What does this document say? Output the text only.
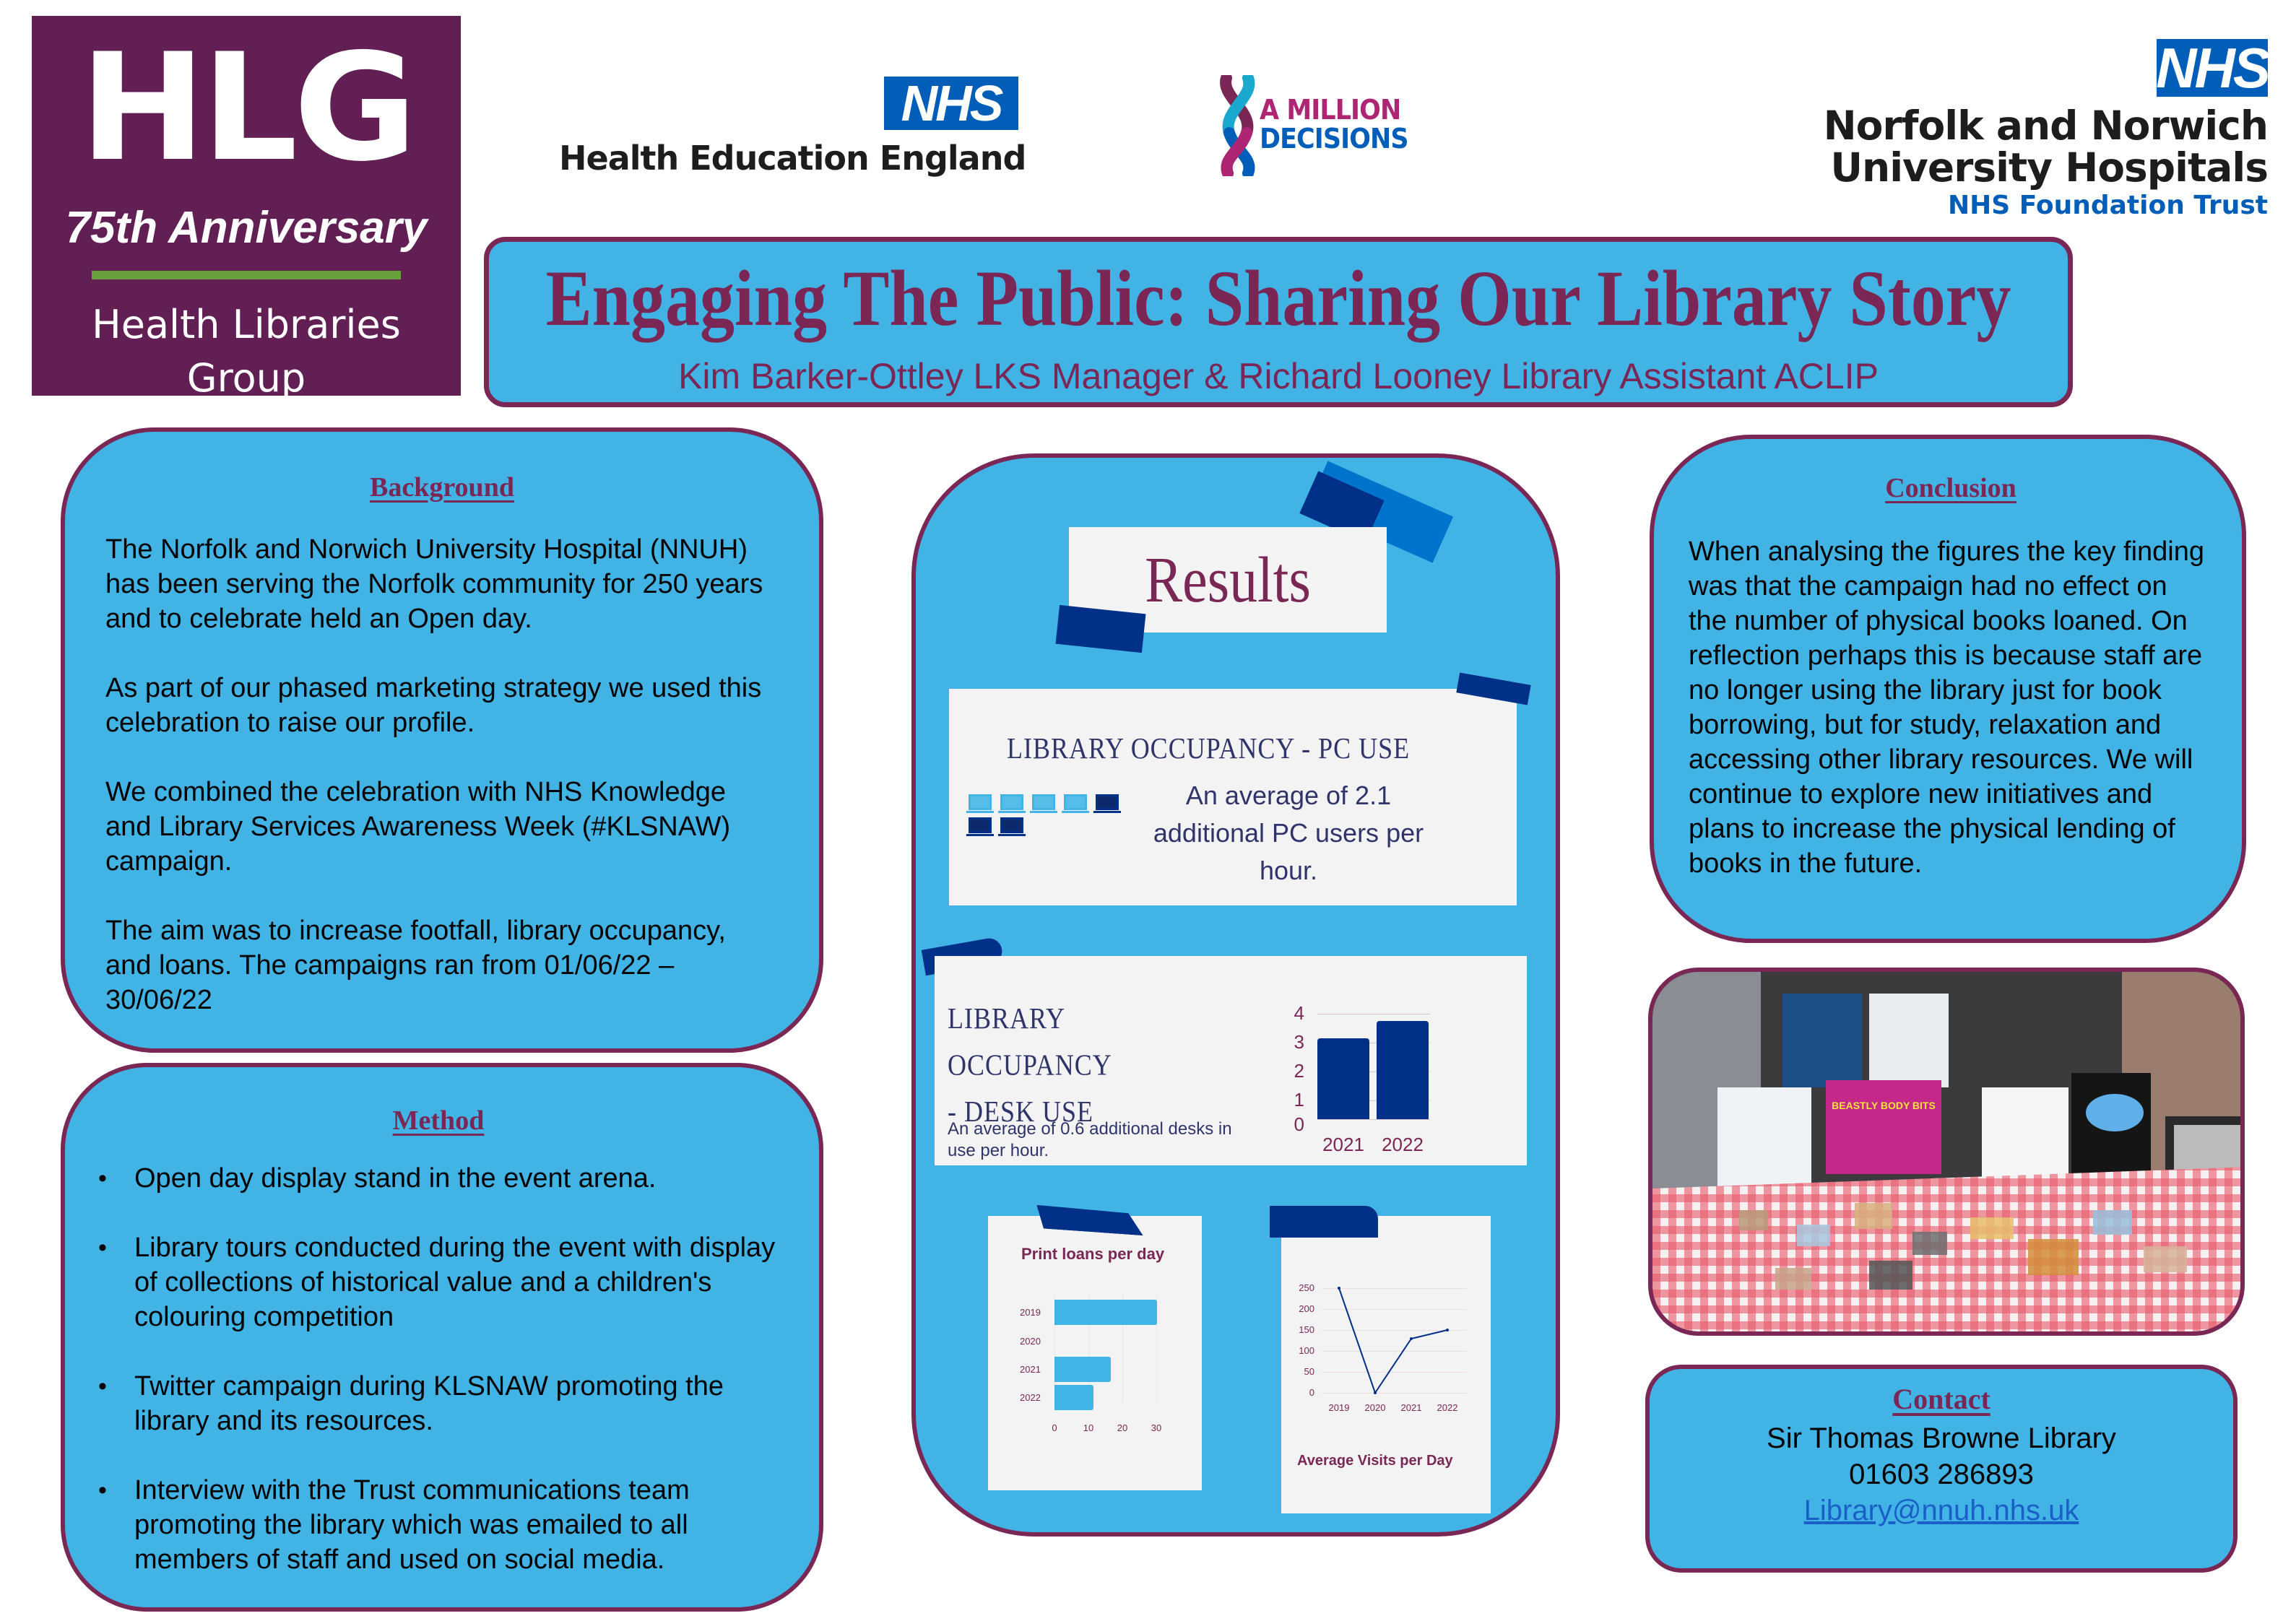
HLG
75th Anniversary
Health Libraries
Group
NHS
Health Education England
A MILLION
DECISIONS
NHS
Norfolk and Norwich
University Hospitals
NHS Foundation Trust
Engaging The Public: Sharing Our Library Story
Kim Barker-Ottley LKS Manager & Richard Looney Library Assistant ACLIP
Background

The Norfolk and Norwich University Hospital (NNUH) has been serving the Norfolk community for 250 years and to celebrate held an Open day.

As part of our phased marketing strategy we used this celebration to raise our profile.

We combined the celebration with NHS Knowledge and Library Services Awareness Week (#KLSNAW) campaign.

The aim was to increase footfall, library occupancy, and loans. The campaigns ran from 01/06/22 – 30/06/22

Method
•	Open day display stand in the event arena.
•	Library tours conducted during the event with display of collections of historical value and a children's colouring competition
•	Twitter campaign during KLSNAW promoting the library and its resources.
•	Interview with the Trust communications team promoting the library which was emailed to all members of staff and used on social media.
Results
LIBRARY OCCUPANCY - PC USE
An average of 2.1 additional PC users per hour.
LIBRARY
OCCUPANCY
- DESK USE
An average of 0.6 additional desks in use per hour.
4
3
2
1
0
2021 2022
Print loans per day
2019
2020
2021
2022
0	10	20	30
250
200
150
100
50
0
2019	2020	2021	2022
Average Visits per Day
Conclusion

When analysing the figures the key finding was that the campaign had no effect on the number of physical books loaned. On reflection perhaps this is because staff are no longer using the library just for book borrowing, but for study, relaxation and accessing other library resources. We will continue to explore new initiatives and plans to increase the physical lending of books in the future.

BEASTLY BODY BITS
Contact
Sir Thomas Browne Library
01603 286893
Library@nnuh.nhs.uk
